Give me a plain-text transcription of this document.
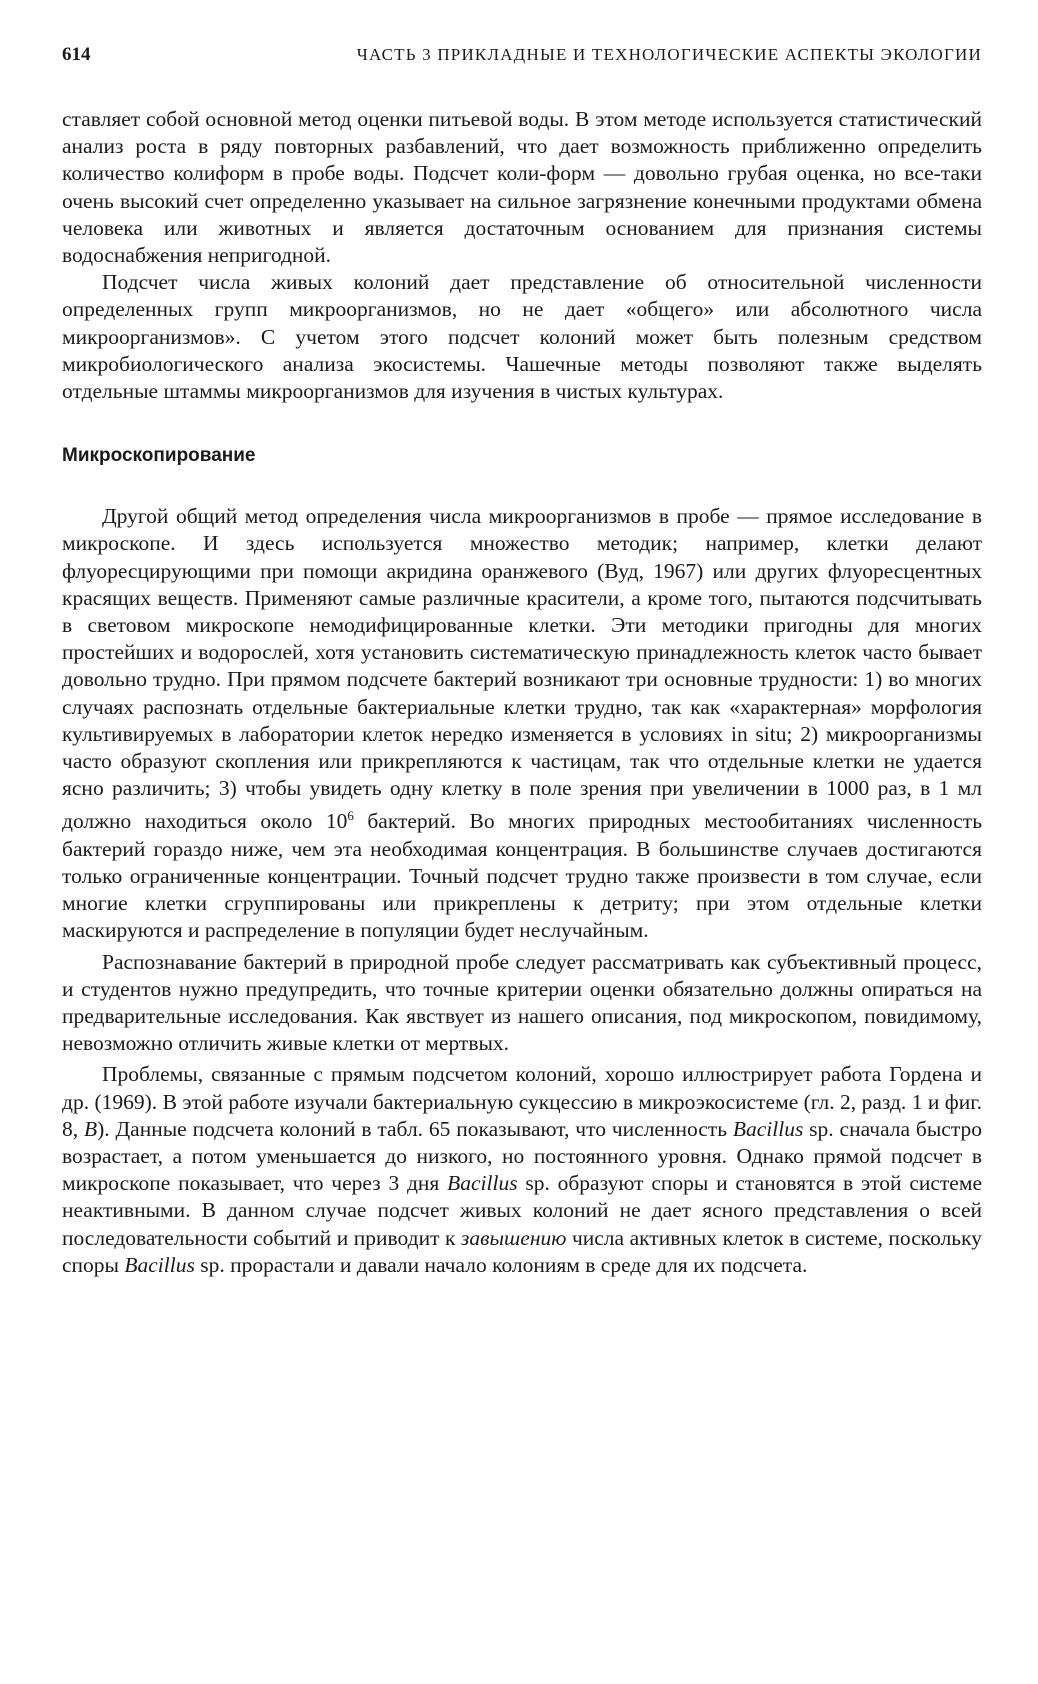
614	ЧАСТЬ 3 ПРИКЛАДНЫЕ И ТЕХНОЛОГИЧЕСКИЕ АСПЕКТЫ ЭКОЛОГИИ

ставляет собой основной метод оценки питьевой воды. В этом методе используется статистический анализ роста в ряду повторных разбавлений, что дает возможность приближенно определить количество колиформ в пробе воды. Подсчет коли-форм — довольно грубая оценка, но все-таки очень высокий счет определенно указывает на сильное загрязнение конечными продуктами обмена человека или животных и является достаточным основанием для признания системы водоснабжения непригодной.

Подсчет числа живых колоний дает представление об относительной численности определенных групп микроорганизмов, но не дает «общего» или абсолютного числа микроорганизмов». С учетом этого подсчет колоний может быть полезным средством микробиологического анализа экосистемы. Чашечные методы позволяют также выделять отдельные штаммы микроорганизмов для изучения в чистых культурах.

Микроскопирование

Другой общий метод определения числа микроорганизмов в пробе — прямое исследование в микроскопе. И здесь используется множество методик; например, клетки делают флуоресцирующими при помощи акридина оранжевого (Вуд, 1967) или других флуоресцентных красящих веществ. Применяют самые различные красители, а кроме того, пытаются подсчитывать в световом микроскопе немодифицированные клетки. Эти методики пригодны для многих простейших и водорослей, хотя установить систематическую принадлежность клеток часто бывает довольно трудно. При прямом подсчете бактерий возникают три основные трудности: 1) во многих случаях распознать отдельные бактериальные клетки трудно, так как «характерная» морфология культивируемых в лаборатории клеток нередко изменяется в условиях in situ; 2) микроорганизмы часто образуют скопления или прикрепляются к частицам, так что отдельные клетки не удается ясно различить; 3) чтобы увидеть одну клетку в поле зрения при увеличении в 1000 раз, в 1 мл должно находиться около $10^6$ бактерий. Во многих природных местообитаниях численность бактерий гораздо ниже, чем эта необходимая концентрация. В большинстве случаев достигаются только ограниченные концентрации. Точный подсчет трудно также произвести в том случае, если многие клетки сгруппированы или прикреплены к детриту; при этом отдельные клетки маскируются и распределение в популяции будет неслучайным.

Распознавание бактерий в природной пробе следует рассматривать как субъективный процесс, и студентов нужно предупредить, что точные критерии оценки обязательно должны опираться на предварительные исследования. Как явствует из нашего описания, под микроскопом, повидимому, невозможно отличить живые клетки от мертвых.

Проблемы, связанные с прямым подсчетом колоний, хорошо иллюстрирует работа Гордена и др. (1969). В этой работе изучали бактериальную сукцессию в микроэкосистеме (гл. 2, разд. 1 и фиг. 8, В). Данные подсчета колоний в табл. 65 показывают, что численность Bacillus sp. сначала быстро возрастает, а потом уменьшается до низкого, но постоянного уровня. Однако прямой подсчет в микроскопе показывает, что через 3 дня Bacillus sp. образуют споры и становятся в этой системе неактивными. В данном случае подсчет живых колоний не дает ясного представления о всей последовательности событий и приводит к завышению числа активных клеток в системе, поскольку споры Bacillus sp. прорастали и давали начало колониям в среде для их подсчета.
